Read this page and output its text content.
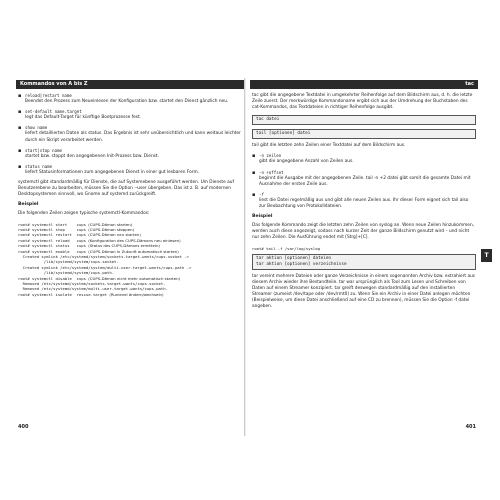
Kommandos von A bis Z
▪ reload|restart name
Beendet den Prozess zum Neueinlesen der Konfiguration bzw. startet den Dienst gänzlich neu.
▪ set-default name.target
legt das Default-Target für künftige Bootprozesse fest.
▪ show name
liefert detaillierten Daten als status. Das Ergebnis ist sehr unübersichtlich und kann weitaus leichter durch ein Skript verarbeitet werden.
▪ start|stop name
startet bzw. stoppt den angegebenen Init-Prozess bzw. Dienst.
▪ status name
liefert Statusinformationen zum angegebenen Dienst in einer gut lesbaren Form.

systemctl gibt standardmäßig für Dienste, die auf Systemebene ausgeführt werden. Um Dienste auf Benutzerebene zu bearbeiten, müssen Sie die Option --user übergeben. Das ist z. B. auf modernen Desktopsystemen sinnvoll, wo Gnome auf systemd zurückgreift.

Beispiel

Die folgenden Zeilen zeigen typische systemctl-Kommandos:

root# systemctl start    cups (CUPS-Dämon starten)
root# systemctl stop     cups (CUPS-Dämon stoppen)
root# systemctl restart  cups (CUPS-Dämon neu starten)
root# systemctl reload   cups (Konfiguration des CUPS-Dämons neu einlesen)
root# systemctl status   cups (Status des CUPS-Dämons ermitteln)
root# systemctl enable   cups (CUPS-Dämon in Zukunft automatisch starten)
Created symlink /etc/systemd/system/sockets.target.wants/cups.socket ->
/lib/systemd/system/cups.socket.
Created symlink /etc/systemd/system/multi-user.target.wants/cups.path ->
/lib/systemd/system/cups.path.
root# systemctl disable  cups (CUPS-Dämon nicht mehr automatisch starten)
Removed /etc/systemd/system/sockets.target.wants/cups.socket.
Removed /etc/systemd/system/multi-user.target.wants/cups.path.
root# systemctl isolate  rescue.target (Runlevel ändern/wechseln)
400
tac

tac gibt die angegebene Textdatei in umgekehrter Reihenfolge auf dem Bildschirm aus, d. h. die letzte Zeile zuerst. Der merkwürdige Kommandoname ergibt sich aus der Umdrehung der Buchstaben des cat-Kommandos, das Textdateien in richtiger Reihenfolge ausgibt.

tac datei
tail [optionen] datei

tail gibt die letzten zehn Zeilen einer Textdatei auf dem Bildschirm aus.

▪ -n zeilen
gibt die angegebene Anzahl von Zeilen aus.
▪ -n +offset
beginnt die Ausgabe mit der angegebenen Zeile. tail -n +2 datei gibt somit die gesamte Datei mit Ausnahme der ersten Zeile aus.
▪ -f
liest die Datei regelmäßig aus und gibt alle neuen Zeilen aus. Ihr dieser Form eignet sich tail also zur Beobachtung von Protokolldateien.
Beispiel

Das folgende Kommando zeigt die letzten zehn Zeilen von syslog an. Wenn neue Zeilen hinzukommen, werden auch diese angezeigt, sodass nach kurzer Zeit der ganze Bildschirm genutzt wird – und nicht nur zehn Zeilen. Die Ausführung endet mit [Strg]+[C].

root# tail -f /var/log/syslog
tar aktion [optionen] dateien
tar aktion [optionen] verzeichnisse

tar vereint mehrere Dateien oder ganze Verzeichnisse in einem sogenannten Archiv bzw. extrahiert aus diesem Archiv wieder ihre Bestandteile. tar war ursprünglich als Tool zum Lesen und Schreiben von Daten auf einem Streamer konzipiert. tar greift deswegen standardmäßig auf den installierten Streamer (zumeist /dev/tape oder /dev/rmt0) zu. Wenn Sie ein Archiv in einer Datei anlegen möchten (Beispielweise, um diese Datei anschließend auf eine CD zu brennen), müssen Sie die Option -f datei angeben.

401
T
